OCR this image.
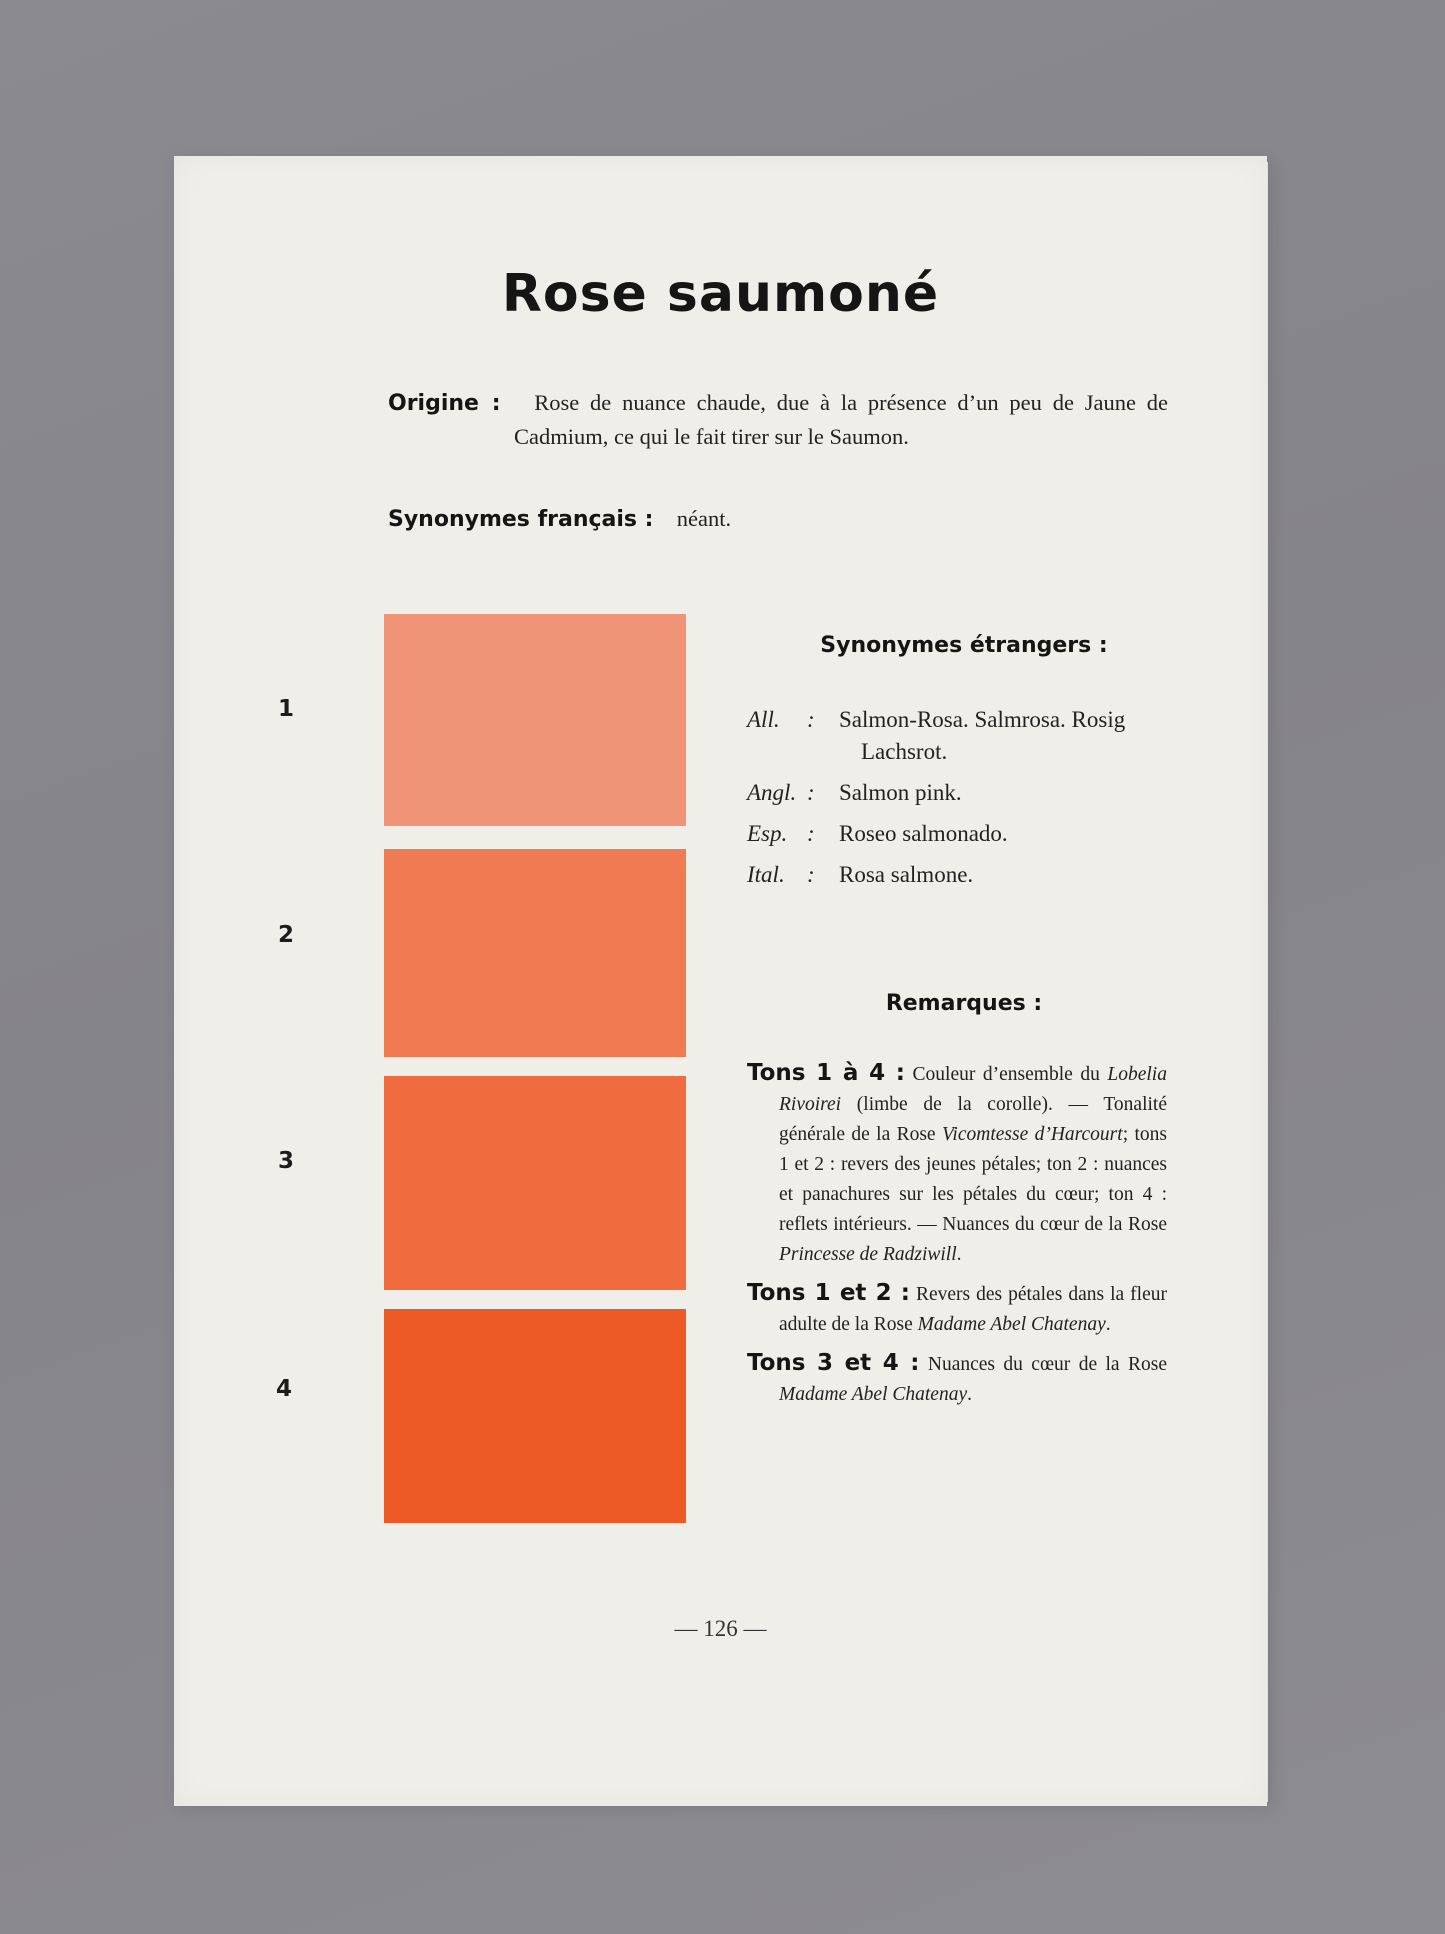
Rose saumoné
Origine : Rose de nuance chaude, due à la présence d’un peu de Jaune de Cadmium, ce qui le fait tirer sur le Saumon.
Synonymes français : néant.
1
2
3
4
Synonymes étrangers :
All.	: Salmon-Rosa. Salmrosa. Rosig Lachsrot.
Angl. : Salmon pink.
Esp. : Roseo salmonado.
Ital. : Rosa salmone.
Remarques :
Tons 1 à 4 : Couleur d’ensemble du Lobelia Rivoirei (limbe de la corolle). — Tonalité générale de la Rose Vicomtesse d’Harcourt; tons 1 et 2 : revers des jeunes pétales; ton 2 : nuances et panachures sur les pétales du cœur; ton 4 : reflets intérieurs. — Nuances du cœur de la Rose Princesse de Radziwill.
Tons 1 et 2 : Revers des pétales dans la fleur adulte de la Rose Madame Abel Chatenay.
Tons 3 et 4 : Nuances du cœur de la Rose Madame Abel Chatenay.
— 126 —
